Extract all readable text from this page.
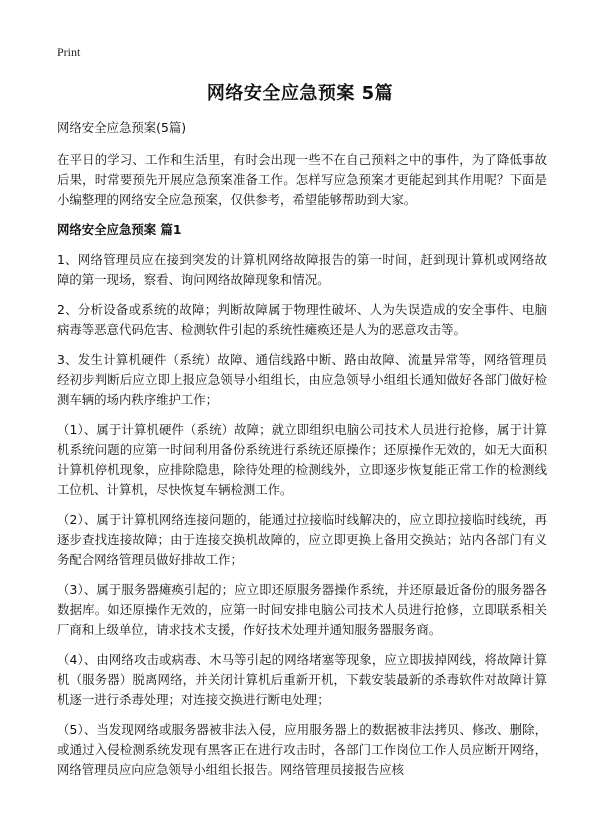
Print
网络安全应急预案 5篇

网络安全应急预案(5篇)

在平日的学习、工作和生活里，有时会出现一些不在自己预料之中的事件，为了降低事故后果，时常要预先开展应急预案准备工作。怎样写应急预案才更能起到其作用呢？下面是小编整理的网络安全应急预案，仅供参考，希望能够帮助到大家。

网络安全应急预案 篇1

1、网络管理员应在接到突发的计算机网络故障报告的第一时间，赶到现计算机或网络故障的第一现场，察看、询问网络故障现象和情况。

2、分析设备或系统的故障；判断故障属于物理性破坏、人为失误造成的安全事件、电脑病毒等恶意代码危害、检测软件引起的系统性瘫痪还是人为的恶意攻击等。

3、发生计算机硬件（系统）故障、通信线路中断、路由故障、流量异常等，网络管理员经初步判断后应立即上报应急领导小组组长，由应急领导小组组长通知做好各部门做好检测车辆的场内秩序维护工作；

（1）、属于计算机硬件（系统）故障；就立即组织电脑公司技术人员进行抢修，属于计算机系统问题的应第一时间利用备份系统进行系统还原操作；还原操作无效的，如无大面积计算机停机现象，应排除隐患，除待处理的检测线外，立即逐步恢复能正常工作的检测线工位机、计算机，尽快恢复车辆检测工作。

（2）、属于计算机网络连接问题的，能通过拉接临时线解决的，应立即拉接临时线统，再逐步查找连接故障；由于连接交换机故障的，应立即更换上备用交换站；站内各部门有义务配合网络管理员做好排故工作；

（3）、属于服务器瘫痪引起的；应立即还原服务器操作系统，并还原最近备份的服务器各数据库。如还原操作无效的，应第一时间安排电脑公司技术人员进行抢修，立即联系相关厂商和上级单位，请求技术支援，作好技术处理并通知服务器服务商。

（4）、由网络攻击或病毒、木马等引起的网络堵塞等现象，应立即拔掉网线，将故障计算机（服务器）脱离网络，并关闭计算机后重新开机，下载安装最新的杀毒软件对故障计算机逐一进行杀毒处理；对连接交换进行断电处理；

（5）、当发现网络或服务器被非法入侵，应用服务器上的数据被非法拷贝、修改、删除，或通过入侵检测系统发现有黑客正在进行攻击时，各部门工作岗位工作人员应断开网络，网络管理员应向应急领导小组组长报告。网络管理员接报告应核
